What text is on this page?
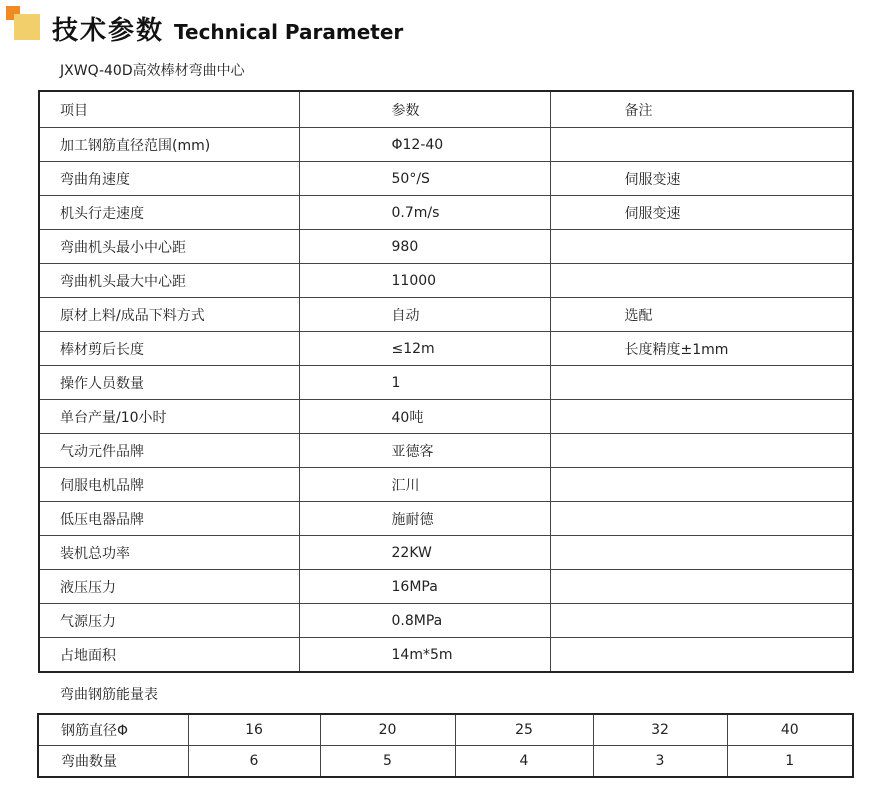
技术参数 Technical Parameter
JXWQ-40D高效棒材弯曲中心
项目	参数	备注
加工钢筋直径范围(mm)	Φ12-40	
弯曲角速度	50°/S	伺服变速
机头行走速度	0.7m/s	伺服变速
弯曲机头最小中心距	980	
弯曲机头最大中心距	11000	
原材上料/成品下料方式	自动	选配
棒材剪后长度	≤12m	长度精度±1mm
操作人员数量	1	
单台产量/10小时	40吨	
气动元件品牌	亚德客	
伺服电机品牌	汇川	
低压电器品牌	施耐德	
装机总功率	22KW	
液压压力	16MPa	
气源压力	0.8MPa	
占地面积	14m*5m	
弯曲钢筋能量表
钢筋直径Φ	16	20	25	32	40
弯曲数量	6	5	4	3	1
